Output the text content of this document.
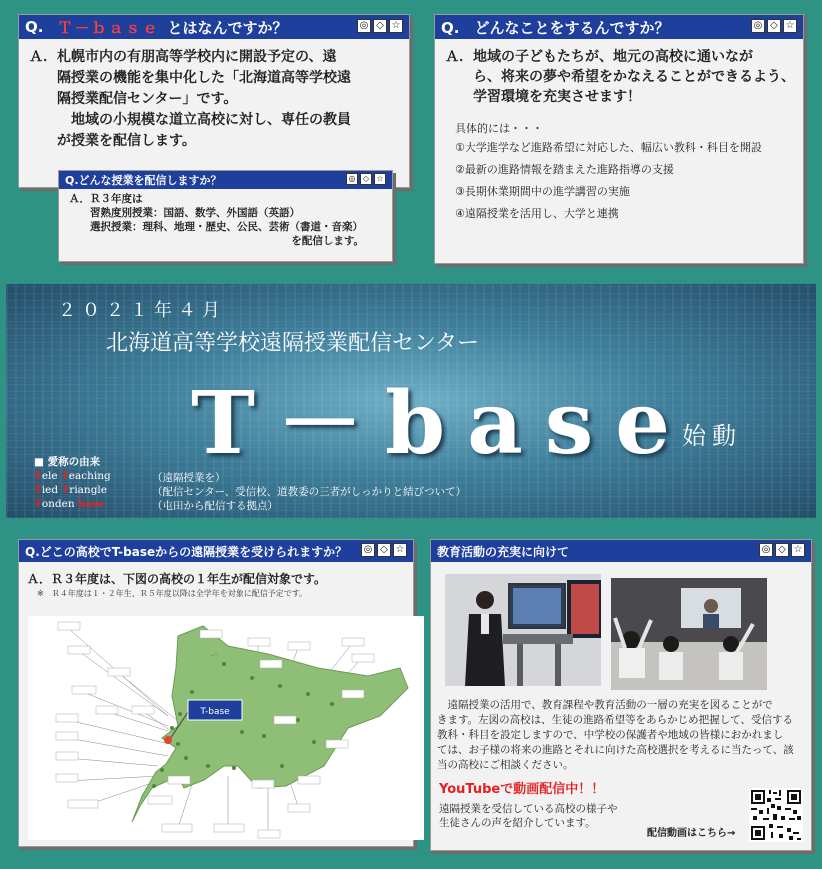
Q. Ｔ－ｂａｓｅ とはなんですか？	◎ ◇ ☆
Ａ．札幌市内の有朋高等学校内に開設予定の、遠
　　隔授業の機能を集中化した「北海道高等学校遠
　　隔授業配信センター」です。
　　　地域の小規模な道立高校に対し、専任の教員
　　が授業を配信します。
Q.どんな授業を配信しますか？	◎ ◇ ☆
Ａ．Ｒ３年度は
　　習熟度別授業：国語、数学、外国語（英語）
　　選択授業：理科、地理・歴史、公民、芸術（書道・音楽）
を配信します。
Q.　どんなことをするんですか？	◎ ◇ ☆
Ａ．地域の子どもたちが、地元の高校に通いなが
　　ら、将来の夢や希望をかなえることができるよう、
　　学習環境を充実させます！
具体的には・・・
①大学進学など進路希望に対応した、幅広い教科・科目を開設
②最新の進路情報を踏まえた進路指導の支援
③長期休業期間中の進学講習の実施
④遠隔授業を活用し、大学と連携
２０２１年４月
北海道高等学校遠隔授業配信センター
T－base
始動
■ 愛称の由来
Tele Teaching	（遠隔授業を）
Tied Triangle	（配信センター、受信校、道教委の三者がしっかりと結びついて）
Tonden base	（屯田から配信する拠点）
Q.どこの高校でT-baseからの遠隔授業を受けられますか？ ◎ ◇ ☆
Ａ．Ｒ３年度は、下図の高校の１年生が配信対象です。
※　Ｒ４年度は１・２年生、Ｒ５年度以降は全学年を対象に配信予定です。
T-base
教育活動の充実に向けて	◎ ◇ ☆
　遠隔授業の活用で、教育課程や教育活動の一層の充実を図ることがで
きます。左図の高校は、生徒の進路希望等をあらかじめ把握して、受信する
教科・科目を設定しますので、中学校の保護者や地域の皆様におかれまし
ては、お子様の将来の進路とそれに向けた高校選択を考えるに当たって、該
当の高校にご相談ください。
YouTubeで動画配信中！！
遠隔授業を受信している高校の様子や
生徒さんの声を紹介しています。
配信動画はこちら→
